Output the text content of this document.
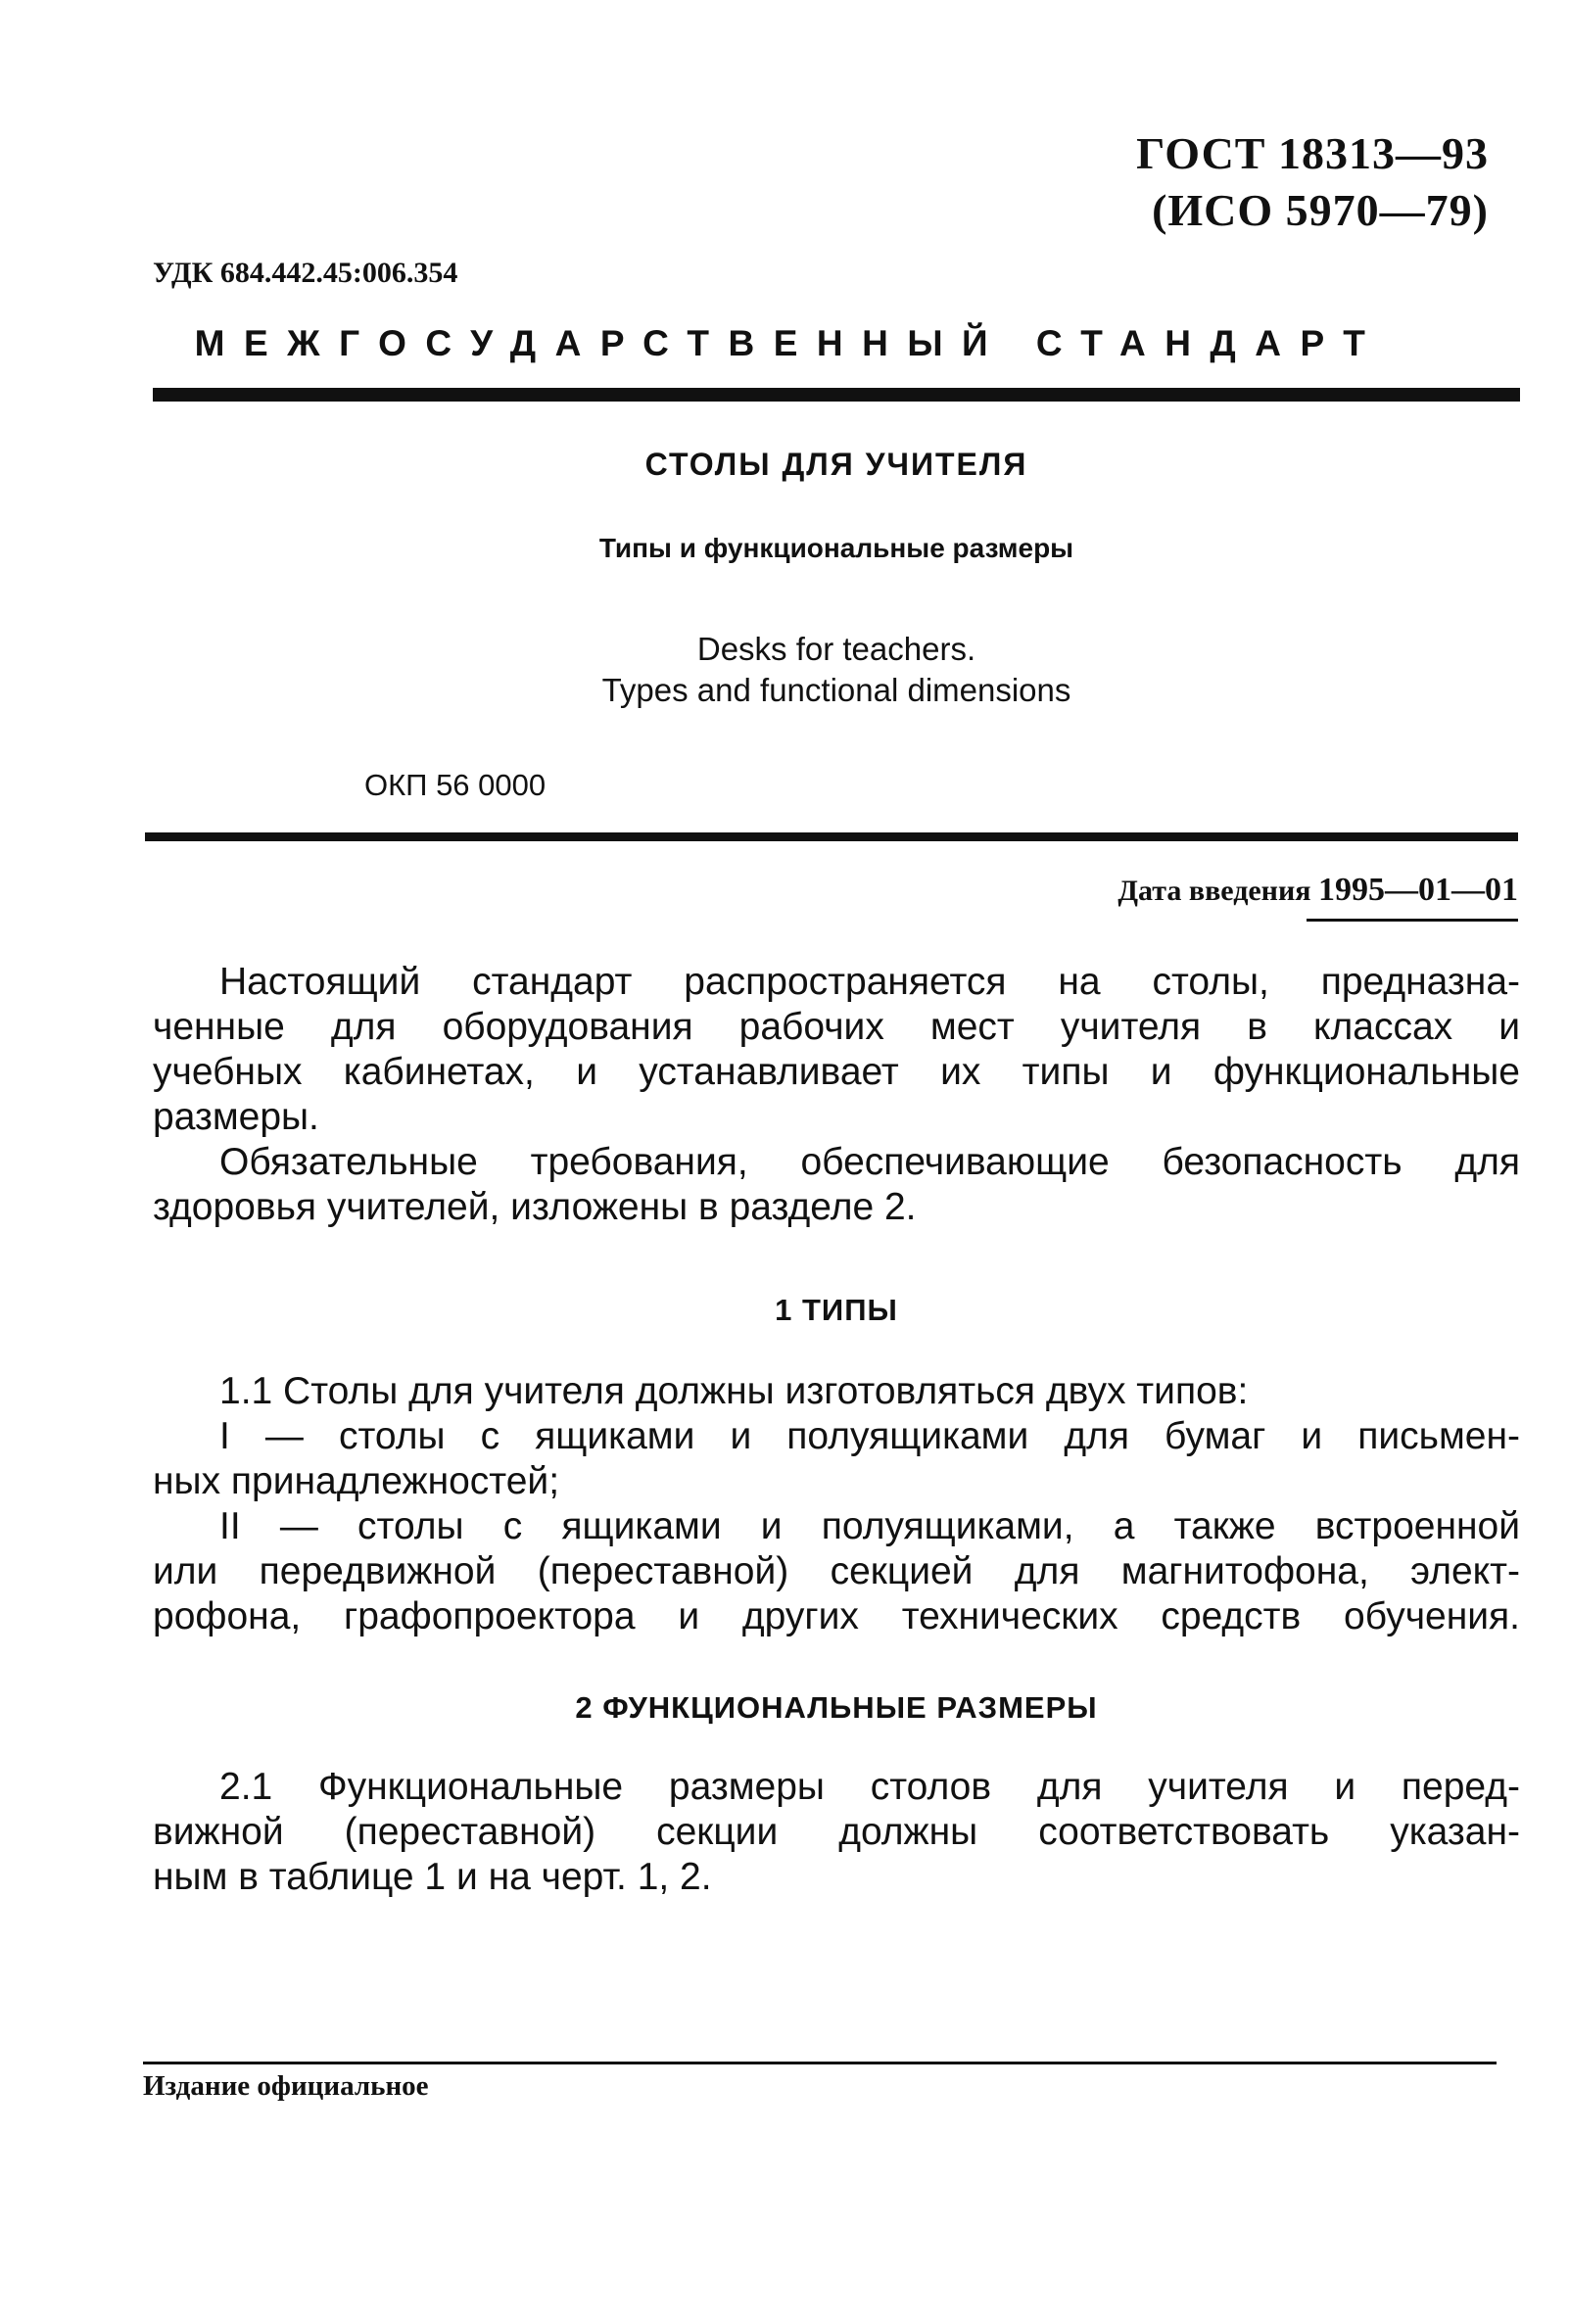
ГОСТ 18313—93
(ИСО 5970—79)
УДК 684.442.45:006.354
МЕЖГОСУДАРСТВЕННЫЙ СТАНДАРТ
СТОЛЫ ДЛЯ УЧИТЕЛЯ
Типы и функциональные размеры
Desks for teachers.
Types and functional dimensions
ОКП 56 0000
Дата введения 1995—01—01
Настоящий стандарт распространяется на столы, предназна-
ченные для оборудования рабочих мест учителя в классах и
учебных кабинетах, и устанавливает их типы и функциональные
размеры.
Обязательные требования, обеспечивающие безопасность для
здоровья учителей, изложены в разделе 2.
1 ТИПЫ
1.1 Столы для учителя должны изготовляться двух типов:
I — столы с ящиками и полуящиками для бумаг и письмен-
ных принадлежностей;
II — столы с ящиками и полуящиками, а также встроенной
или передвижной (переставной) секцией для магнитофона, элект-
рофона, графопроектора и других технических средств обучения.
2 ФУНКЦИОНАЛЬНЫЕ РАЗМЕРЫ
2.1 Функциональные размеры столов для учителя и перед-
вижной (переставной) секции должны соответствовать указан-
ным в таблице 1 и на черт. 1, 2.
Издание официальное
